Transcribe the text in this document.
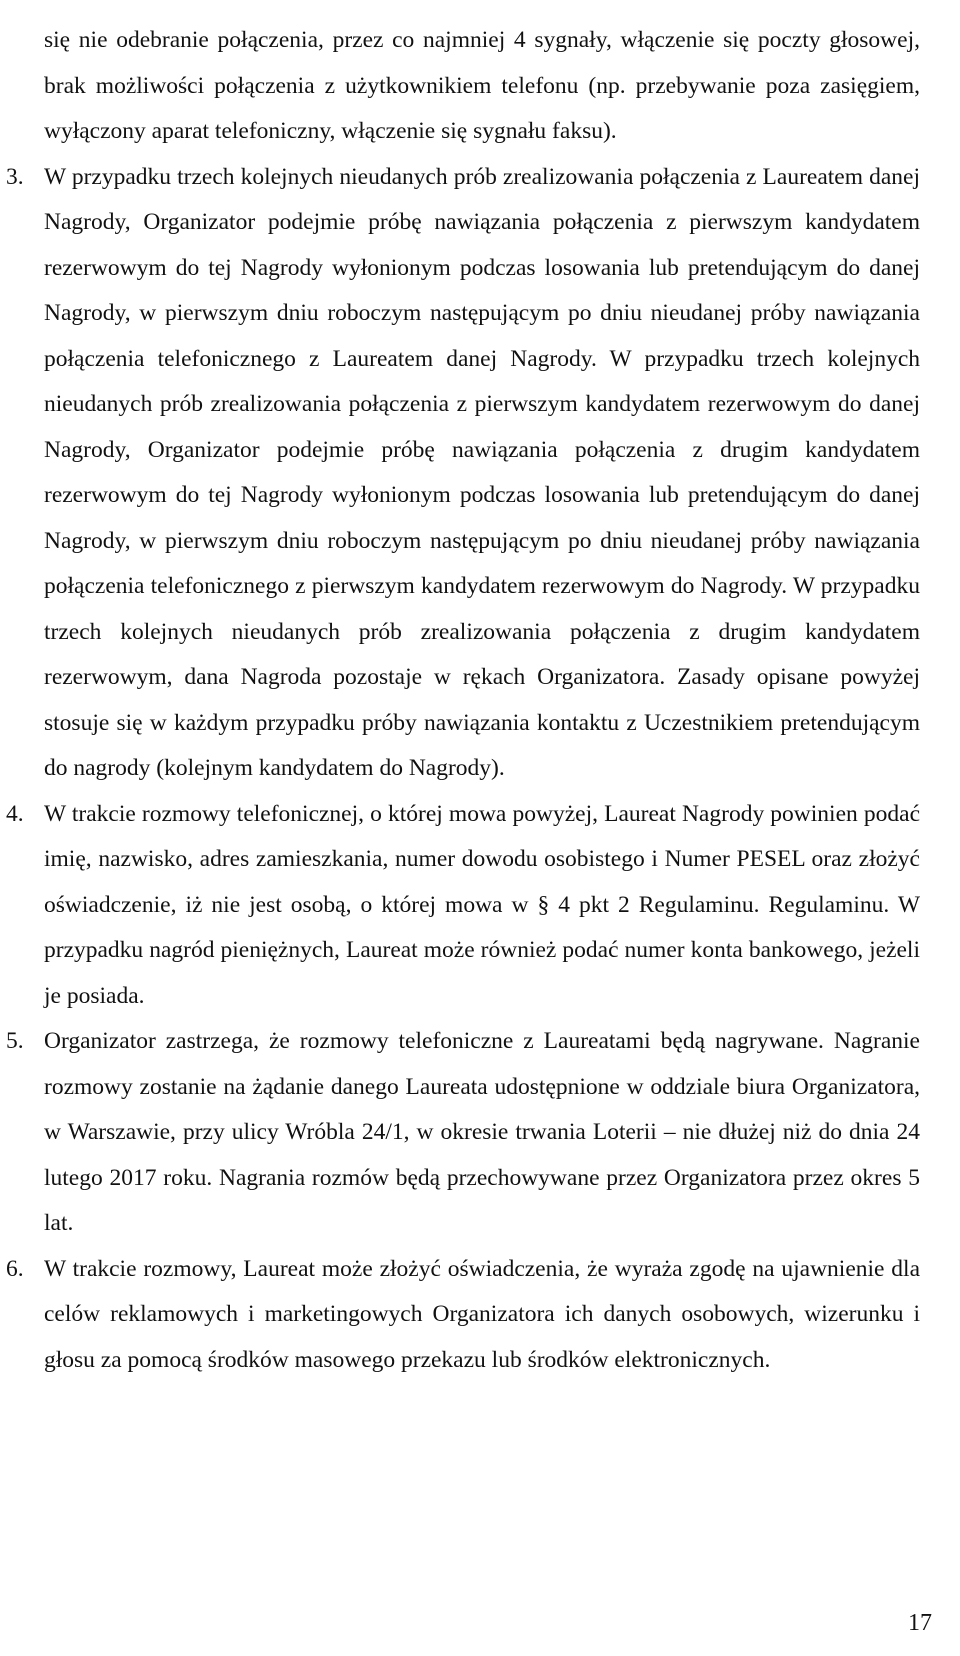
się nie odebranie połączenia, przez co najmniej 4 sygnały, włączenie się poczty głosowej, brak możliwości połączenia z użytkownikiem telefonu (np. przebywanie poza zasięgiem, wyłączony aparat telefoniczny, włączenie się sygnału faksu).

3. W przypadku trzech kolejnych nieudanych prób zrealizowania połączenia z Laureatem danej Nagrody, Organizator podejmie próbę nawiązania połączenia z pierwszym kandydatem rezerwowym do tej Nagrody wyłonionym podczas losowania lub pretendującym do danej Nagrody, w pierwszym dniu roboczym następującym po dniu nieudanej próby nawiązania połączenia telefonicznego z Laureatem danej Nagrody. W przypadku trzech kolejnych nieudanych prób zrealizowania połączenia z pierwszym kandydatem rezerwowym do danej Nagrody, Organizator podejmie próbę nawiązania połączenia z drugim kandydatem rezerwowym do tej Nagrody wyłonionym podczas losowania lub pretendującym do danej Nagrody, w pierwszym dniu roboczym następującym po dniu nieudanej próby nawiązania połączenia telefonicznego z pierwszym kandydatem rezerwowym do Nagrody. W przypadku trzech kolejnych nieudanych prób zrealizowania połączenia z drugim kandydatem rezerwowym, dana Nagroda pozostaje w rękach Organizatora. Zasady opisane powyżej stosuje się w każdym przypadku próby nawiązania kontaktu z Uczestnikiem pretendującym do nagrody (kolejnym kandydatem do Nagrody).
4. W trakcie rozmowy telefonicznej, o której mowa powyżej, Laureat Nagrody powinien podać imię, nazwisko, adres zamieszkania, numer dowodu osobistego i Numer PESEL oraz złożyć oświadczenie, iż nie jest osobą, o której mowa w § 4 pkt 2 Regulaminu. Regulaminu. W przypadku nagród pieniężnych, Laureat może również podać numer konta bankowego, jeżeli je posiada.
5. Organizator zastrzega, że rozmowy telefoniczne z Laureatami będą nagrywane. Nagranie rozmowy zostanie na żądanie danego Laureata udostępnione w oddziale biura Organizatora, w Warszawie, przy ulicy Wróbla 24/1, w okresie trwania Loterii – nie dłużej niż do dnia 24 lutego 2017 roku. Nagrania rozmów będą przechowywane przez Organizatora przez okres 5 lat.
6. W trakcie rozmowy, Laureat może złożyć oświadczenia, że wyraża zgodę na ujawnienie dla celów reklamowych i marketingowych Organizatora ich danych osobowych, wizerunku i głosu za pomocą środków masowego przekazu lub środków elektronicznych.
17
